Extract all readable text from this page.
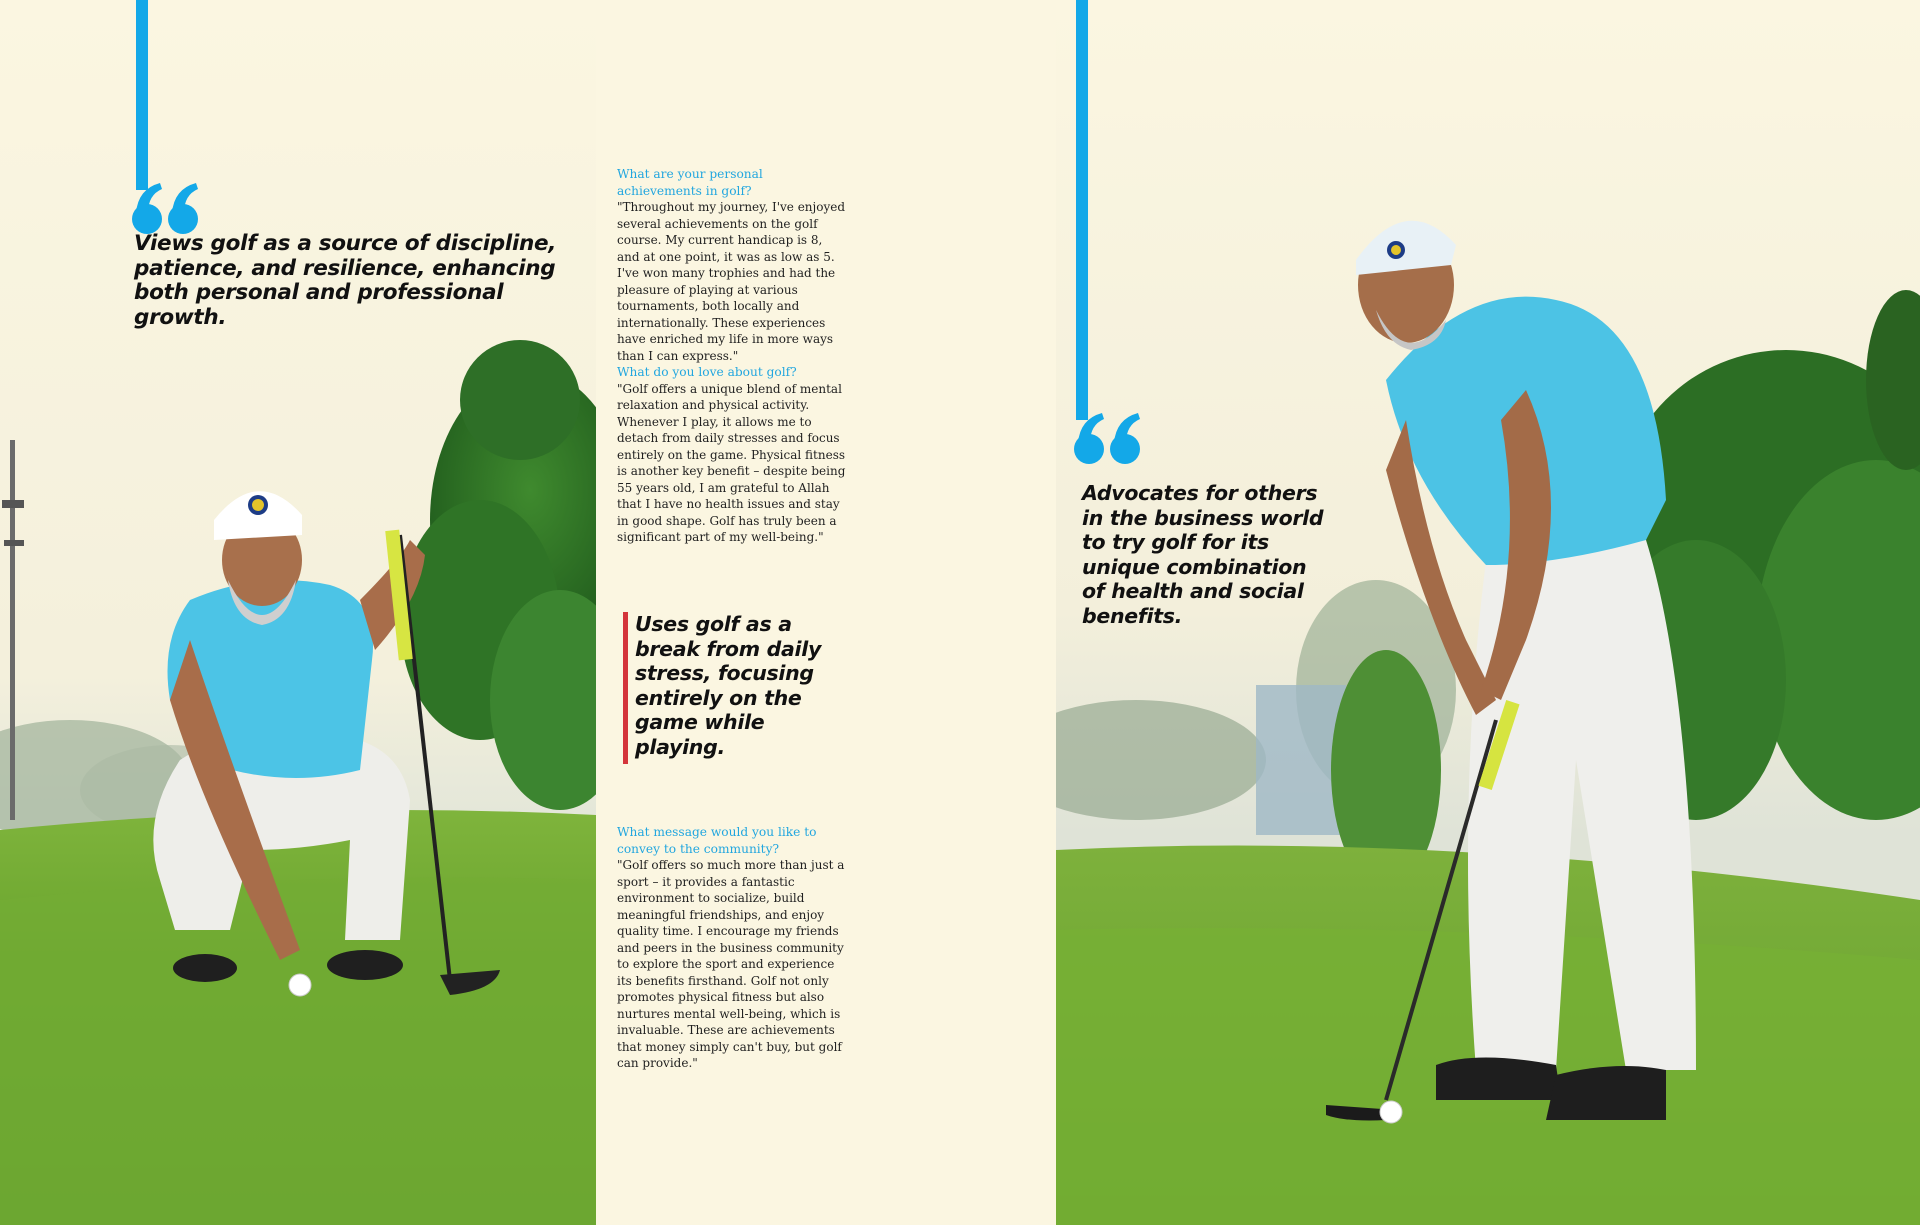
Views golf as a source of discipline, patience, and resilience, enhancing both personal and professional growth.

Advocates for others in the business world to try golf for its unique combination of health and social benefits.

Uses golf as a break from daily stress, focusing entirely on the game while playing.

What are your personal achievements in golf?

"Throughout my journey, I've enjoyed several achievements on the golf course. My current handicap is 8, and at one point, it was as low as 5. I've won many trophies and had the pleasure of playing at various tournaments, both locally and internationally. These experiences have enriched my life in more ways than I can express."

What do you love about golf?

"Golf offers a unique blend of mental relaxation and physical activity. Whenever I play, it allows me to detach from daily stresses and focus entirely on the game. Physical fitness is another key benefit – despite being 55 years old, I am grateful to Allah that I have no health issues and stay in good shape. Golf has truly been a significant part of my well-being."

What message would you like to convey to the community?

"Golf offers so much more than just a sport – it provides a fantastic environment to socialize, build meaningful friendships, and enjoy quality time. I encourage my friends and peers in the business community to explore the sport and experience its benefits firsthand. Golf not only promotes physical fitness but also nurtures mental well-being, which is invaluable. These are achievements that money simply can't buy, but golf can provide."
